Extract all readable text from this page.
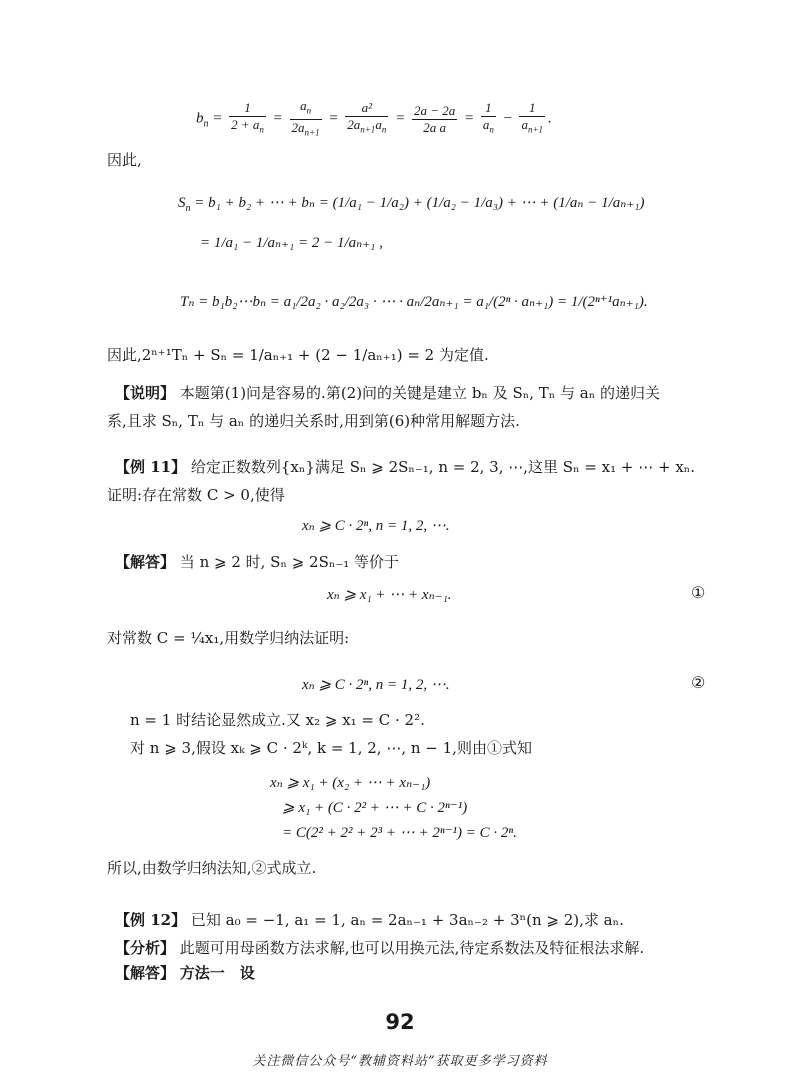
$b_n = \frac{1}{2 + a_n} = \frac{a_n}{2a_{n+1}} = \frac{\text{a²}}{2a_{n+1}a_n} = \frac{2a - 2a}{\text{2a a}} = \frac{1}{a_n} - \frac{1}{a_{n+1}}$ .
因此,
$S_n = b_1 + b_2$ + ⋯ + bₙ = (1/a₁ − 1/a₂) + (1/a₂ − 1/a₃) + ⋯ + (1/aₙ − 1/aₙ₊₁)
= 1/a₁ − 1/aₙ₊₁ = 2 − 1/aₙ₊₁ ,
Tₙ = b₁b₂⋯bₙ = a₁/2a₂ · a₂/2a₃ · ⋯ · aₙ/2aₙ₊₁ = a₁/(2ⁿ · aₙ₊₁) = 1/(2ⁿ⁺¹aₙ₊₁).
因此,2ⁿ⁺¹Tₙ + Sₙ = 1/aₙ₊₁ + (2 − 1/aₙ₊₁) = 2 为定值.
【说明】 本题第(1)问是容易的.第(2)问的关键是建立 bₙ 及 Sₙ, Tₙ 与 aₙ 的递归关
系,且求 Sₙ, Tₙ 与 aₙ 的递归关系时,用到第(6)种常用解题方法.
【例 11】 给定正数数列{xₙ}满足 Sₙ ⩾ 2Sₙ₋₁, n = 2, 3, ⋯,这里 Sₙ = x₁ + ⋯ + xₙ.
证明:存在常数 C > 0,使得
xₙ ⩾ C · 2ⁿ, n = 1, 2, ⋯.
【解答】 当 n ⩾ 2 时, Sₙ ⩾ 2Sₙ₋₁ 等价于
xₙ ⩾ x₁ + ⋯ + xₙ₋₁.	①
对常数 C = ¼x₁,用数学归纳法证明:
xₙ ⩾ C · 2ⁿ, n = 1, 2, ⋯.	②
n = 1 时结论显然成立.又 x₂ ⩾ x₁ = C · 2².
对 n ⩾ 3,假设 xₖ ⩾ C · 2ᵏ, k = 1, 2, ⋯, n − 1,则由①式知
xₙ ⩾ x₁ + (x₂ + ⋯ + xₙ₋₁)
⩾ x₁ + (C · 2² + ⋯ + C · 2ⁿ⁻¹)
= C(2² + 2² + 2³ + ⋯ + 2ⁿ⁻¹) = C · 2ⁿ.
所以,由数学归纳法知,②式成立.
【例 12】 已知 a₀ = −1, a₁ = 1, aₙ = 2aₙ₋₁ + 3aₙ₋₂ + 3ⁿ(n ⩾ 2),求 aₙ.
【分析】 此题可用母函数方法求解,也可以用换元法,待定系数法及特征根法求解.
【解答】 方法一　设
92
关注微信公众号“教辅资料站”获取更多学习资料
